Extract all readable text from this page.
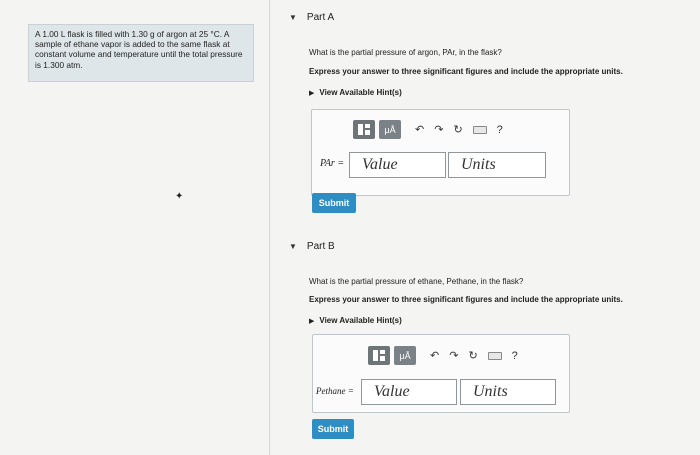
A 1.00 L flask is filled with 1.30 g of argon at 25 °C. A sample of ethane vapor is added to the same flask at constant volume and temperature until the total pressure is 1.300 atm.
▼ Part A
What is the partial pressure of argon, PAr, in the flask?
Express your answer to three significant figures and include the appropriate units.
▶ View Available Hint(s)
μÅ	↶ ↷ ↻	?
PAr =	Value	Units
Submit
✦
▼ Part B
What is the partial pressure of ethane, Pethane, in the flask?
Express your answer to three significant figures and include the appropriate units.
▶ View Available Hint(s)
μÅ	↶ ↷ ↻	?
Pethane =	Value	Units
Submit
